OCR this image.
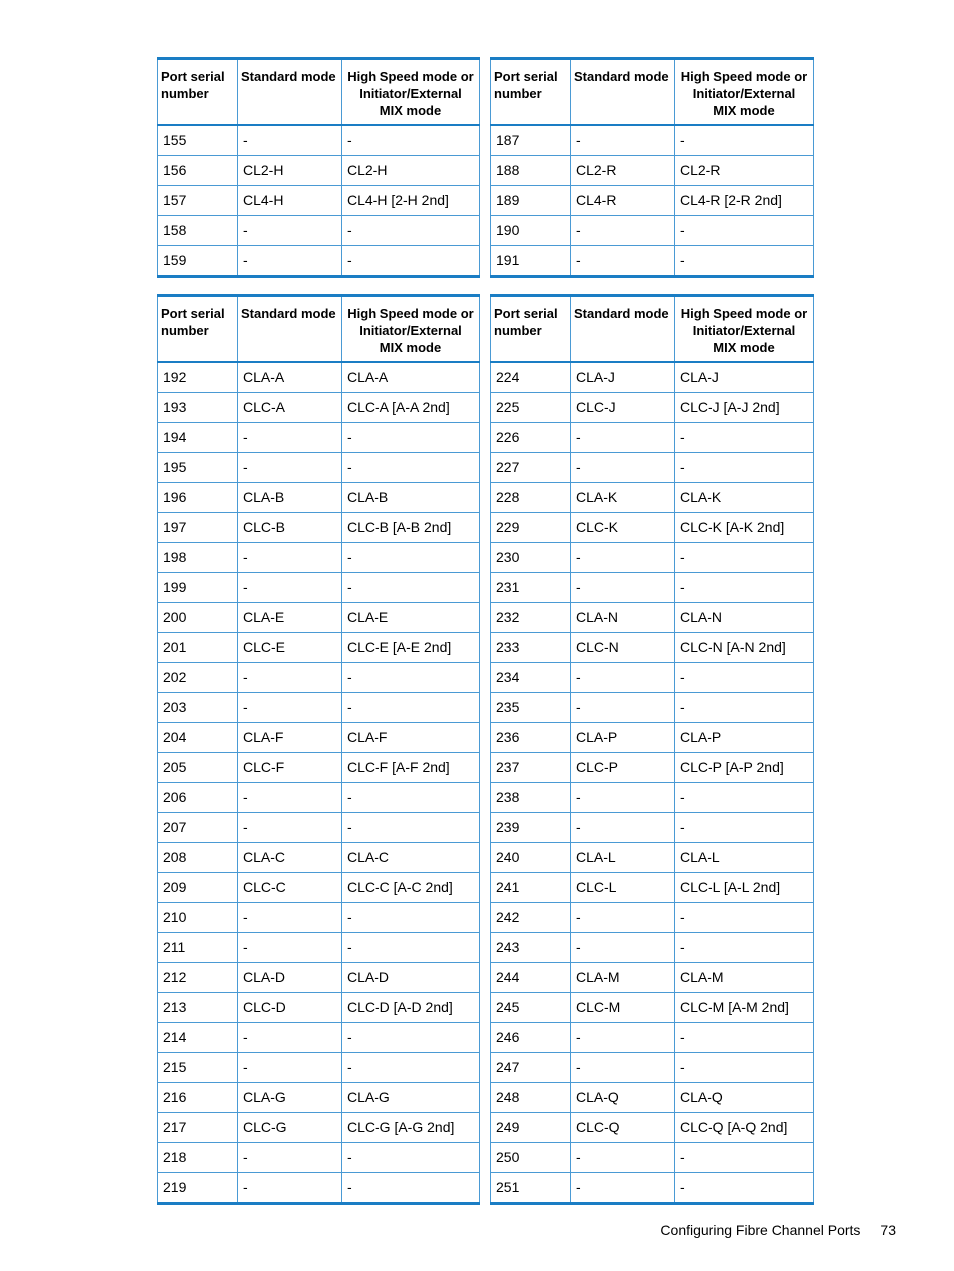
Port serial
number	Standard mode	High Speed mode or
Initiator/External
MIX mode		Port serial
number	Standard mode	High Speed mode or
Initiator/External
MIX mode

155	-	-		187	-	-
156	CL2-H	CL2-H		188	CL2-R	CL2-R
157	CL4-H	CL4-H [2-H 2nd]		189	CL4-R	CL4-R [2-R 2nd]
158	-	-		190	-	-
159	-	-		191	-	-
Port serial
number	Standard mode	High Speed mode or
Initiator/External
MIX mode		Port serial
number	Standard mode	High Speed mode or
Initiator/External
MIX mode

192	CLA-A	CLA-A		224	CLA-J	CLA-J
193	CLC-A	CLC-A [A-A 2nd]		225	CLC-J	CLC-J [A-J 2nd]
194	-	-		226	-	-
195	-	-		227	-	-
196	CLA-B	CLA-B		228	CLA-K	CLA-K
197	CLC-B	CLC-B [A-B 2nd]		229	CLC-K	CLC-K [A-K 2nd]
198	-	-		230	-	-
199	-	-		231	-	-
200	CLA-E	CLA-E		232	CLA-N	CLA-N
201	CLC-E	CLC-E [A-E 2nd]		233	CLC-N	CLC-N [A-N 2nd]
202	-	-		234	-	-
203	-	-		235	-	-
204	CLA-F	CLA-F		236	CLA-P	CLA-P
205	CLC-F	CLC-F [A-F 2nd]		237	CLC-P	CLC-P [A-P 2nd]
206	-	-		238	-	-
207	-	-		239	-	-
208	CLA-C	CLA-C		240	CLA-L	CLA-L
209	CLC-C	CLC-C [A-C 2nd]		241	CLC-L	CLC-L [A-L 2nd]
210	-	-		242	-	-
211	-	-		243	-	-
212	CLA-D	CLA-D		244	CLA-M	CLA-M
213	CLC-D	CLC-D [A-D 2nd]		245	CLC-M	CLC-M [A-M 2nd]
214	-	-		246	-	-
215	-	-		247	-	-
216	CLA-G	CLA-G		248	CLA-Q	CLA-Q
217	CLC-G	CLC-G [A-G 2nd]		249	CLC-Q	CLC-Q [A-Q 2nd]
218	-	-		250	-	-
219	-	-		251	-	-
Configuring Fibre Channel Ports 73
